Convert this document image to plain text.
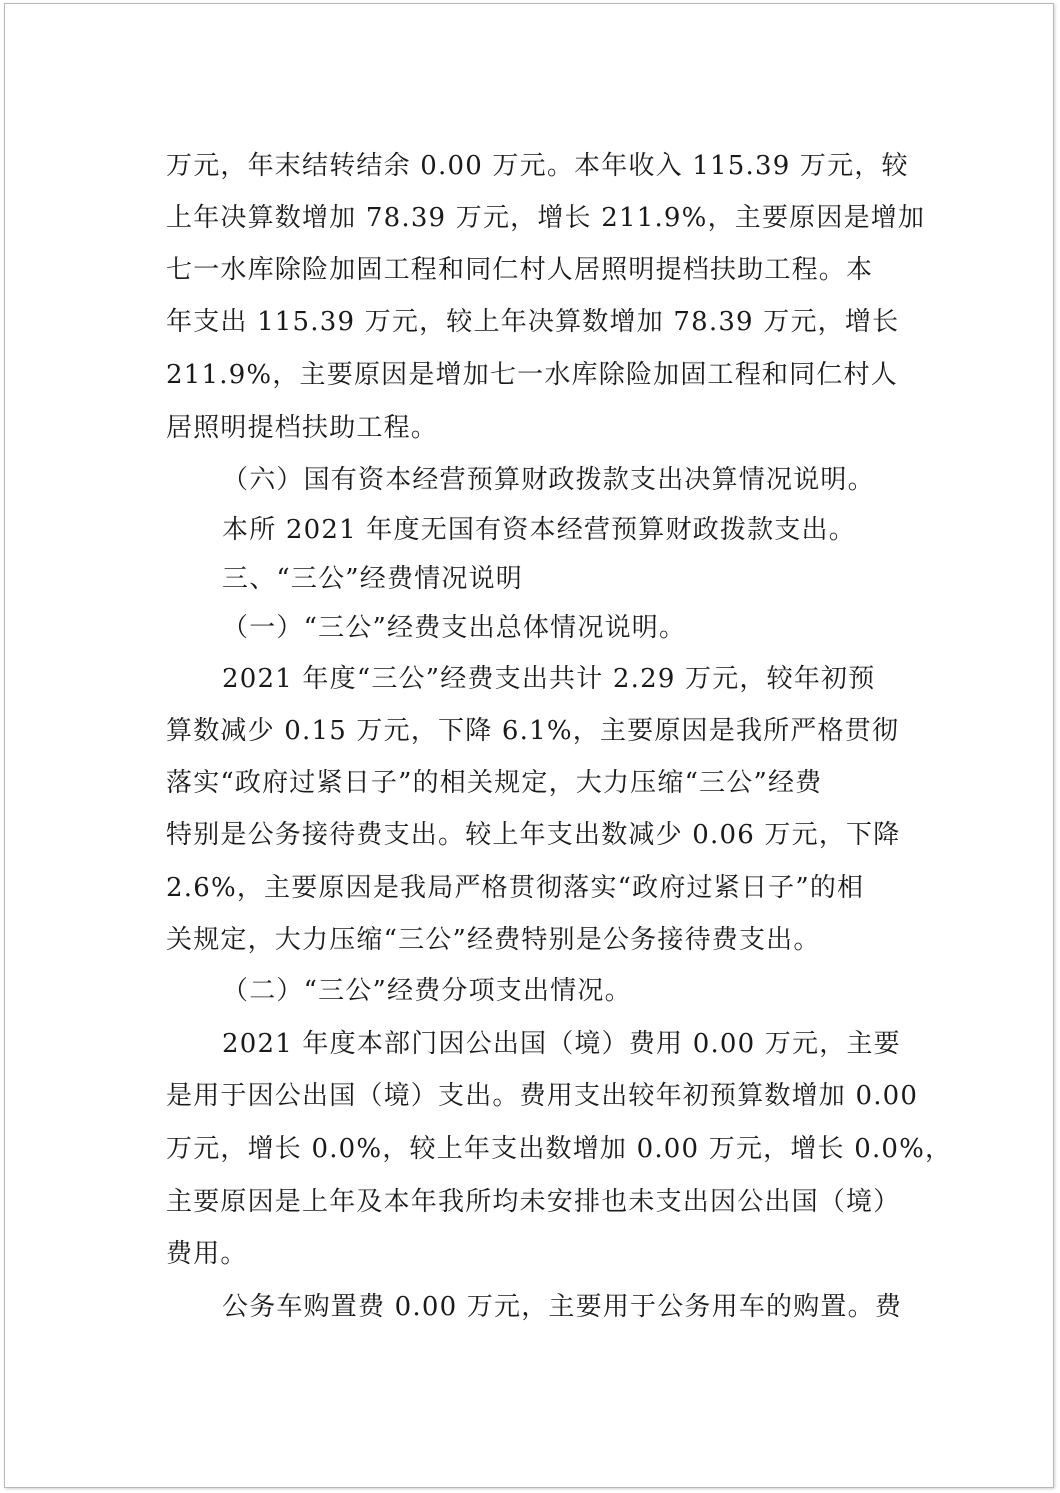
万元，年末结转结余 0.00 万元。本年收入 115.39 万元，较
上年决算数增加 78.39 万元，增长 211.9%，主要原因是增加
七一水库除险加固工程和同仁村人居照明提档扶助工程。本
年支出 115.39 万元，较上年决算数增加 78.39 万元，增长
211.9%，主要原因是增加七一水库除险加固工程和同仁村人
居照明提档扶助工程。
（六）国有资本经营预算财政拨款支出决算情况说明。
本所 2021 年度无国有资本经营预算财政拨款支出。
三、“三公”经费情况说明
（一）“三公”经费支出总体情况说明。
2021 年度“三公”经费支出共计 2.29 万元，较年初预
算数减少 0.15 万元，下降 6.1%，主要原因是我所严格贯彻
落实“政府过紧日子”的相关规定，大力压缩“三公”经费
特别是公务接待费支出。较上年支出数减少 0.06 万元，下降
2.6%，主要原因是我局严格贯彻落实“政府过紧日子”的相
关规定，大力压缩“三公”经费特别是公务接待费支出。
（二）“三公”经费分项支出情况。
2021 年度本部门因公出国（境）费用 0.00 万元，主要
是用于因公出国（境）支出。费用支出较年初预算数增加 0.00
万元，增长 0.0%，较上年支出数增加 0.00 万元，增长 0.0%，
主要原因是上年及本年我所均未安排也未支出因公出国（境）
费用。
公务车购置费 0.00 万元，主要用于公务用车的购置。费
